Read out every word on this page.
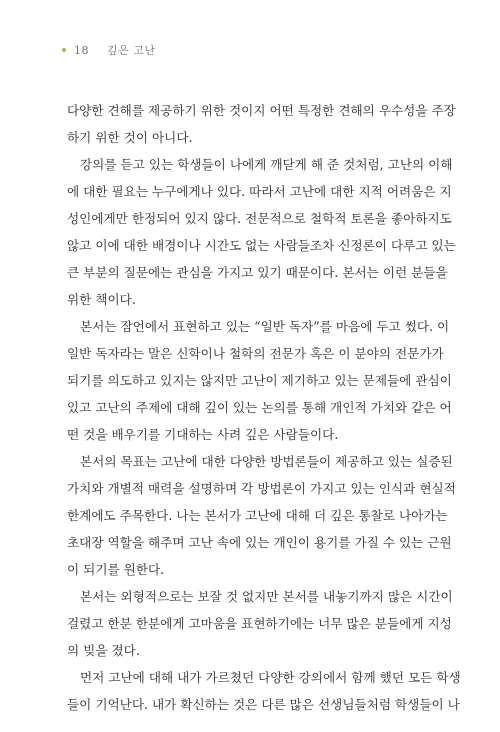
18 깊은 고난
다양한 견해를 제공하기 위한 것이지 어떤 특정한 견해의 우수성을 주장
하기 위한 것이 아니다.
강의를 듣고 있는 학생들이 나에게 깨닫게 해 준 것처럼, 고난의 이해
에 대한 필요는 누구에게나 있다. 따라서 고난에 대한 지적 어려움은 지
성인에게만 한정되어 있지 않다. 전문적으로 철학적 토론을 좋아하지도
않고 이에 대한 배경이나 시간도 없는 사람들조차 신정론이 다루고 있는
큰 부분의 질문에는 관심을 가지고 있기 때문이다. 본서는 이런 분들을
위한 책이다.
본서는 잠언에서 표현하고 있는 “일반 독자”를 마음에 두고 썼다. 이
일반 독자라는 말은 신학이나 철학의 전문가 혹은 이 분야의 전문가가
되기를 의도하고 있지는 않지만 고난이 제기하고 있는 문제들에 관심이
있고 고난의 주제에 대해 깊이 있는 논의를 통해 개인적 가치와 같은 어
떤 것을 배우기를 기대하는 사려 깊은 사람들이다.
본서의 목표는 고난에 대한 다양한 방법론들이 제공하고 있는 실증된
가치와 개별적 매력을 설명하며 각 방법론이 가지고 있는 인식과 현실적
한계에도 주목한다. 나는 본서가 고난에 대해 더 깊은 통찰로 나아가는
초대장 역할을 해주며 고난 속에 있는 개인이 용기를 가질 수 있는 근원
이 되기를 원한다.
본서는 외형적으로는 보잘 것 없지만 본서를 내놓기까지 많은 시간이
걸렸고 한분 한분에게 고마움을 표현하기에는 너무 많은 분들에게 지성
의 빚을 졌다.
먼저 고난에 대해 내가 가르쳤던 다양한 강의에서 함께 했던 모든 학생
들이 기억난다. 내가 확신하는 것은 다른 많은 선생님들처럼 학생들이 나
